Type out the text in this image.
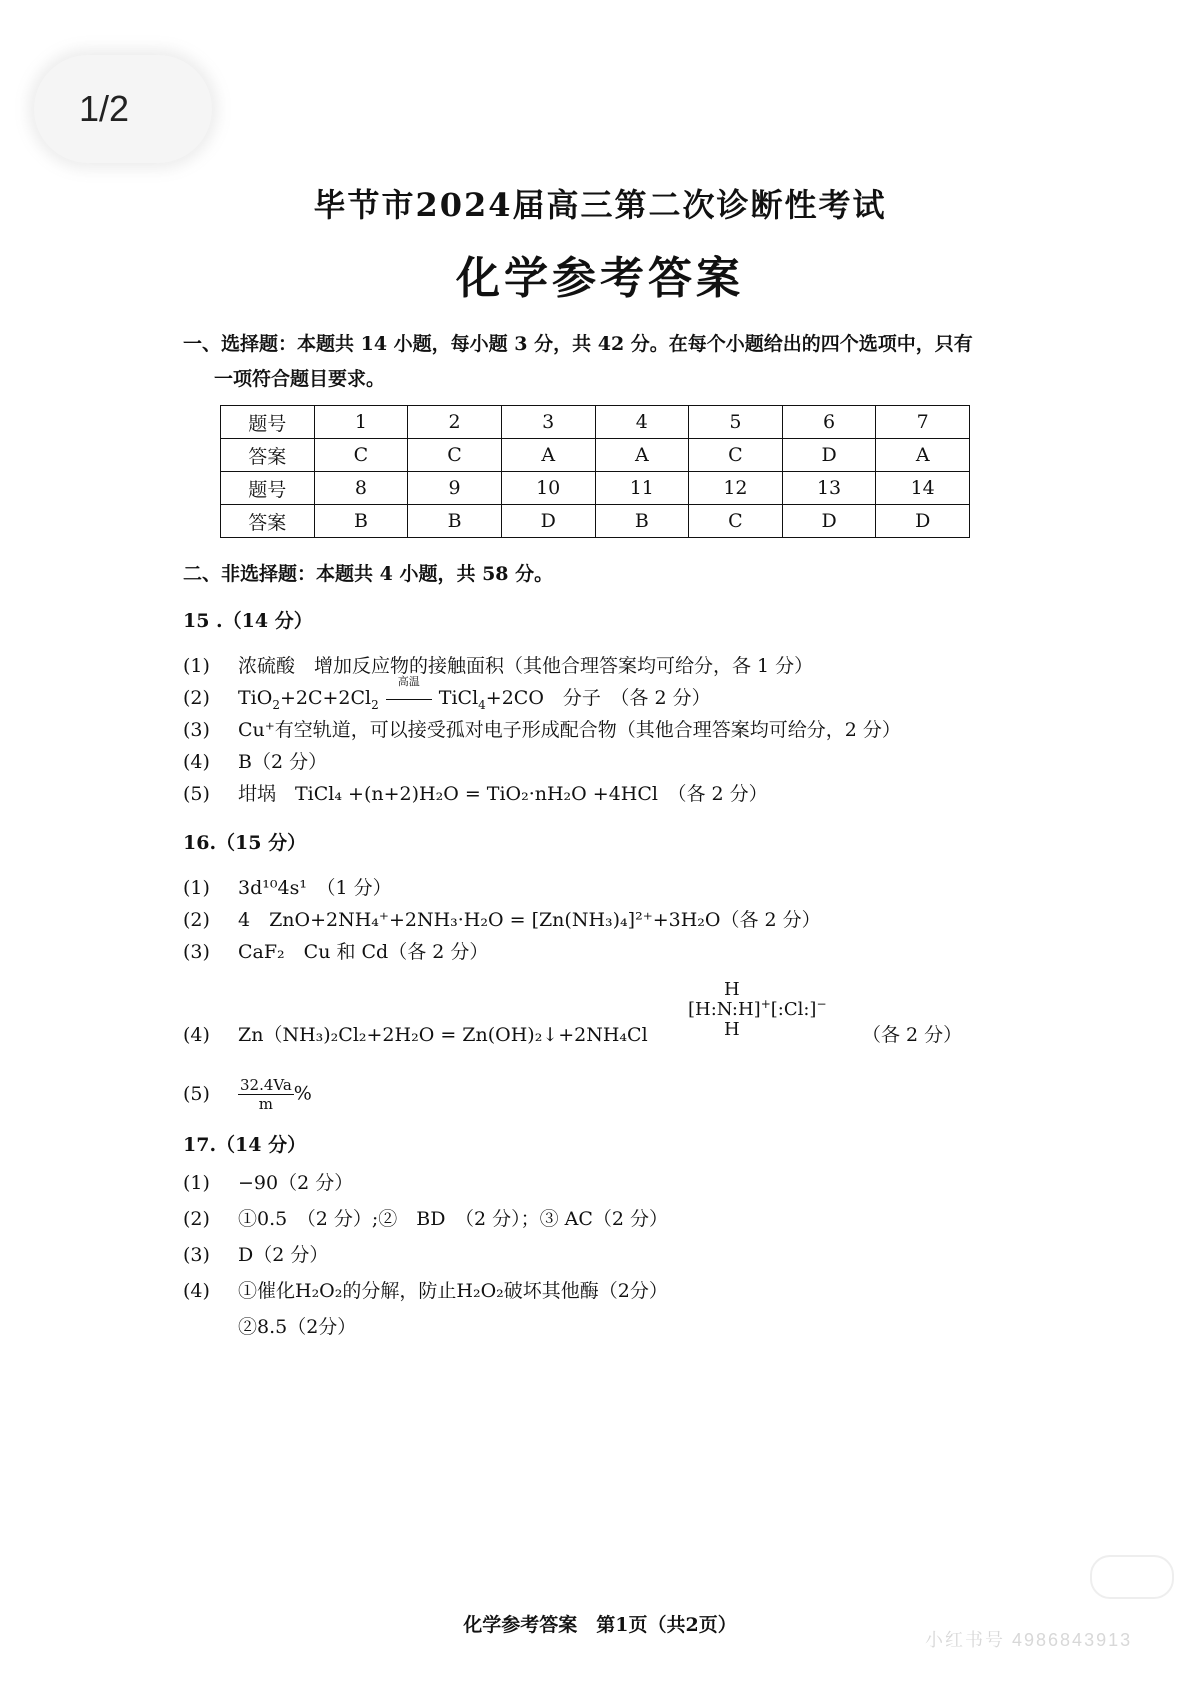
1/2
毕节市2024届高三第二次诊断性考试
化学参考答案
一、选择题：本题共 14 小题，每小题 3 分，共 42 分。在每个小题给出的四个选项中，只有
一项符合题目要求。
题号	1	2	3	4	5	6	7
答案	C	C	A	A	C	D	A
题号	8	9	10	11	12	13	14
答案	B	B	D	B	C	D	D
二、非选择题：本题共 4 小题，共 58 分。
15 .（14 分）
(1) 浓硫酸　增加反应物的接触面积（其他合理答案均可给分，各 1 分）
(2) $TiO_2+2C+2Cl_2$
高温
TiCl$_4$+2CO　分子　（各 2 分）
(3) Cu⁺有空轨道，可以接受孤对电子形成配合物（其他合理答案均可给分，2 分）
(4) B（2 分）
(5) 坩埚　TiCl₄ +(n+2)H₂O = TiO₂·nH₂O +4HCl　（各 2 分）
16.（15 分）
(1) 3d¹⁰4s¹　（1 分）
(2) 4　ZnO+2NH₄⁺+2NH₃·H₂O = [Zn(NH₃)₄]²⁺+3H₂O（各 2 分）
(3) CaF₂　Cu 和 Cd（各 2 分）
H
[H:N:H]+[:Cl:]−
H
(4) Zn（NH₃)₂Cl₂+2H₂O = Zn(OH)₂↓+2NH₄Cl	（各 2 分）
$(5) \frac{32.4Va}{m}$ %
17.（14 分）
(1) −90（2 分）
(2) ①0.5　（2 分）;②　BD　（2 分）；③ AC（2 分）
(3) D（2 分）
(4) ①催化H₂O₂的分解，防止H₂O₂破坏其他酶（2分）
②8.5（2分）
化学参考答案　第1页（共2页）
小红书号 4986843913
